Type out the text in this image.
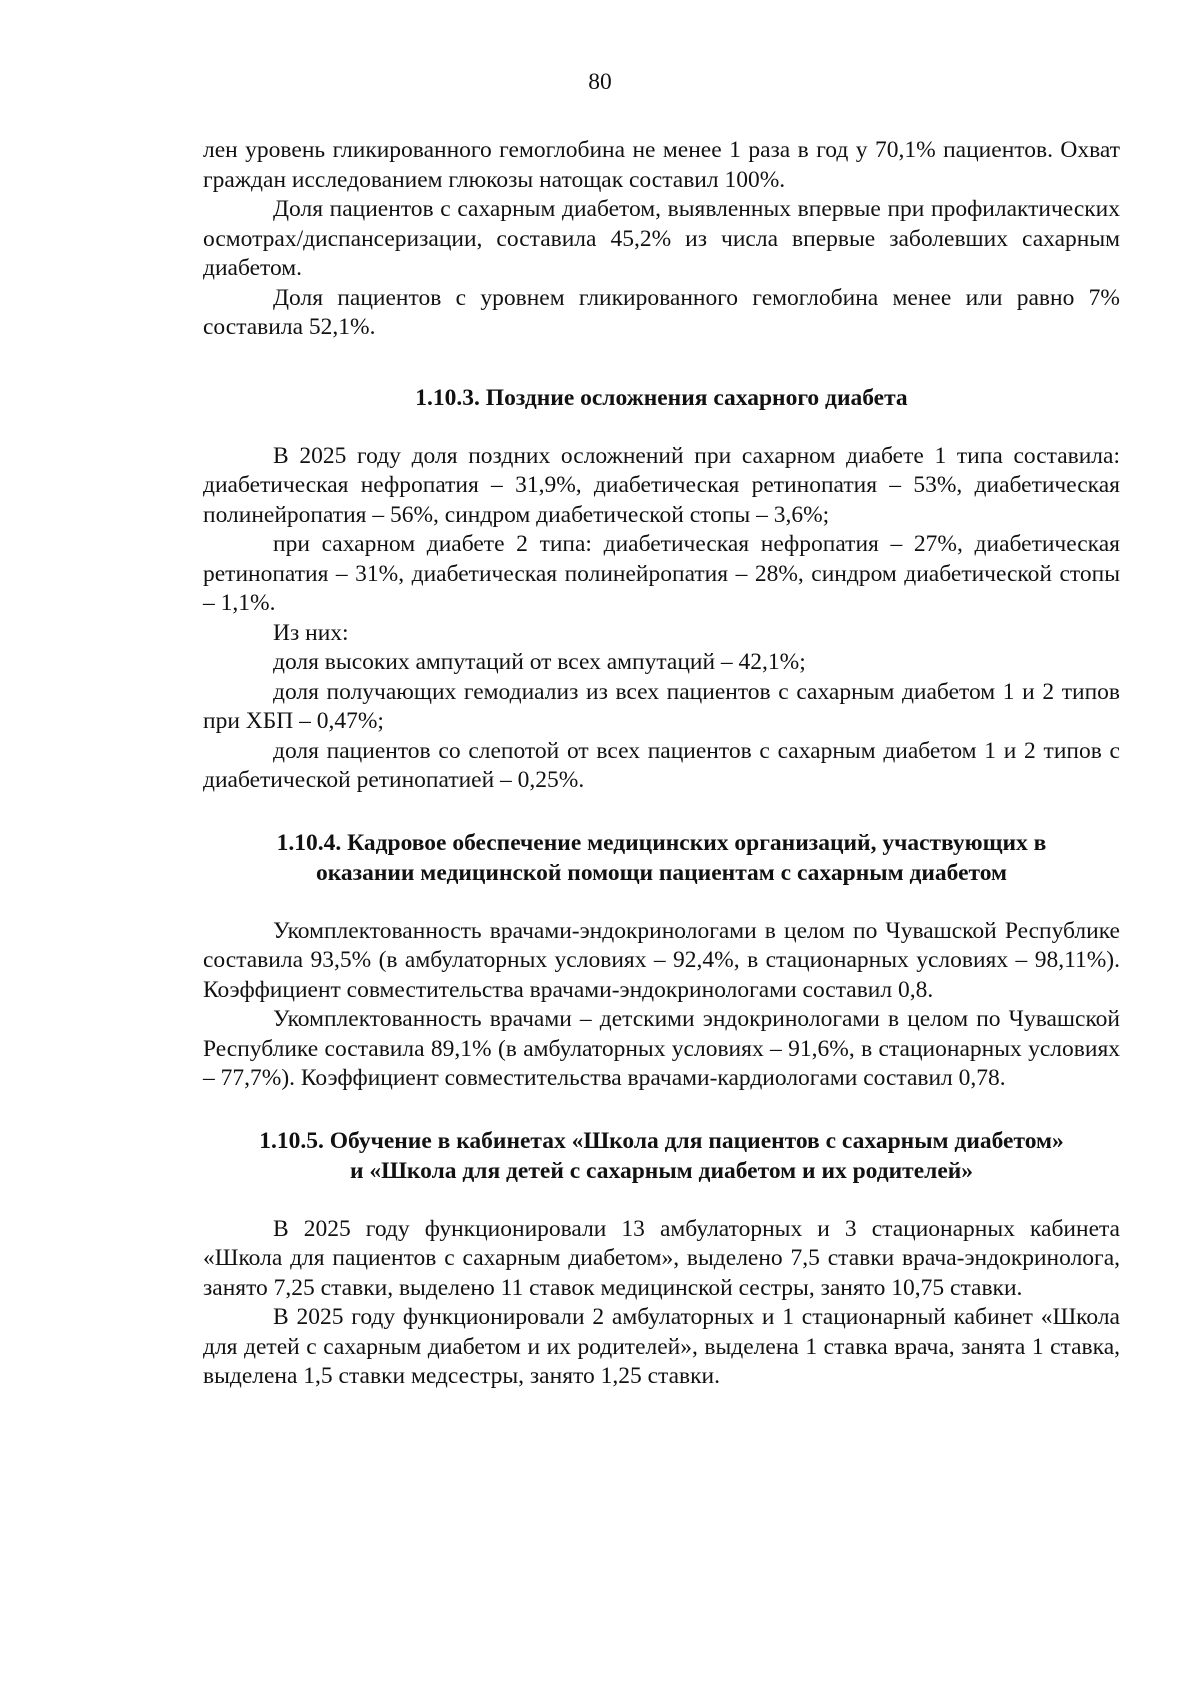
80

лен уровень гликированного гемоглобина не менее 1 раза в год у 70,1% пациентов. Охват граждан исследованием глюкозы натощак составил 100%.

Доля пациентов с сахарным диабетом, выявленных впервые при профилактических осмотрах/диспансеризации, составила 45,2% из числа впервые заболевших сахарным диабетом.

Доля пациентов с уровнем гликированного гемоглобина менее или равно 7% составила 52,1%.

1.10.3. Поздние осложнения сахарного диабета

В 2025 году доля поздних осложнений при сахарном диабете 1 типа составила: диабетическая нефропатия – 31,9%, диабетическая ретинопатия – 53%, диабетическая полинейропатия – 56%, синдром диабетической стопы – 3,6%;

при сахарном диабете 2 типа: диабетическая нефропатия – 27%, диабетическая ретинопатия – 31%, диабетическая полинейропатия – 28%, синдром диабетической стопы – 1,1%.

Из них:

доля высоких ампутаций от всех ампутаций – 42,1%;

доля получающих гемодиализ из всех пациентов с сахарным диабетом 1 и 2 типов при ХБП – 0,47%;

доля пациентов со слепотой от всех пациентов с сахарным диабетом 1 и 2 типов с диабетической ретинопатией – 0,25%.

1.10.4. Кадровое обеспечение медицинских организаций, участвующих в
оказании медицинской помощи пациентам с сахарным диабетом

Укомплектованность врачами-эндокринологами в целом по Чувашской Республике составила 93,5% (в амбулаторных условиях – 92,4%, в стационарных условиях – 98,11%). Коэффициент совместительства врачами-эндокринологами составил 0,8.

Укомплектованность врачами – детскими эндокринологами в целом по Чувашской Республике составила 89,1% (в амбулаторных условиях – 91,6%, в стационарных условиях – 77,7%). Коэффициент совместительства врачами-кардиологами составил 0,78.

1.10.5. Обучение в кабинетах «Школа для пациентов с сахарным диабетом»
и «Школа для детей с сахарным диабетом и их родителей»

В 2025 году функционировали 13 амбулаторных и 3 стационарных кабинета «Школа для пациентов с сахарным диабетом», выделено 7,5 ставки врача-эндокринолога, занято 7,25 ставки, выделено 11 ставок медицинской сестры, занято 10,75 ставки.

В 2025 году функционировали 2 амбулаторных и 1 стационарный кабинет «Школа для детей с сахарным диабетом и их родителей», выделена 1 ставка врача, занята 1 ставка, выделена 1,5 ставки медсестры, занято 1,25 ставки.
